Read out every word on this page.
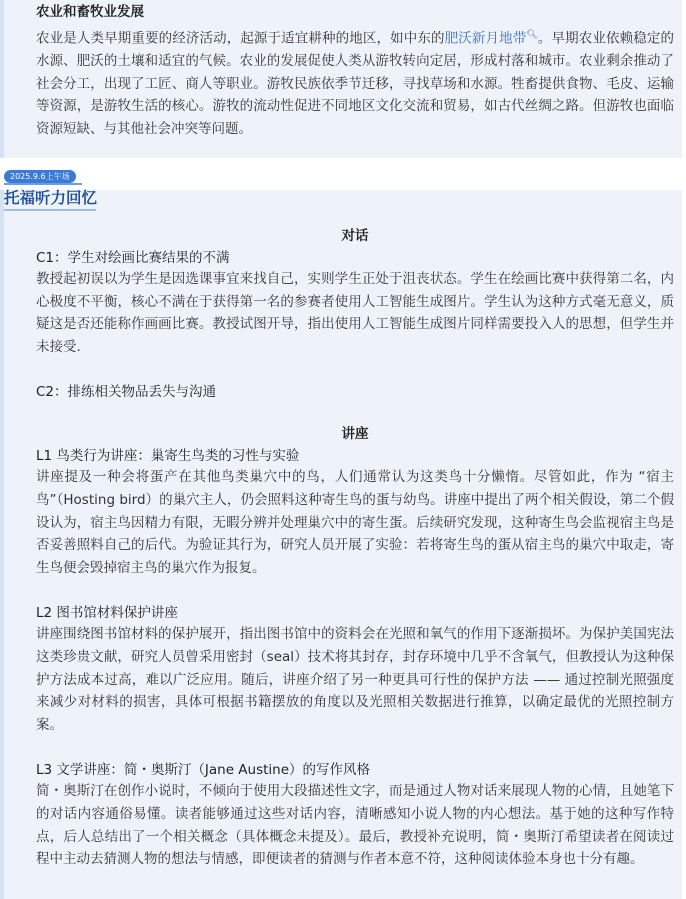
农业和畜牧业发展

农业是人类早期重要的经济活动，起源于适宜耕种的地区，如中东的肥沃新月地带🔍︎。早期农业依赖稳定的水源、肥沃的土壤和适宜的气候。农业的发展促使人类从游牧转向定居，形成村落和城市。农业剩余推动了社会分工，出现了工匠、商人等职业。游牧民族依季节迁移，寻找草场和水源。牲畜提供食物、毛皮、运输等资源，是游牧生活的核心。游牧的流动性促进不同地区文化交流和贸易，如古代丝绸之路。但游牧也面临资源短缺、与其他社会冲突等问题。

对话
C1：学生对绘画比赛结果的不满

教授起初误以为学生是因选课事宜来找自己，实则学生正处于沮丧状态。学生在绘画比赛中获得第二名，内心极度不平衡，核心不满在于获得第一名的参赛者使用人工智能生成图片。学生认为这种方式毫无意义，质疑这是否还能称作画画比赛。教授试图开导，指出使用人工智能生成图片同样需要投入人的思想，但学生并未接受.

C2：排练相关物品丢失与沟通
讲座
L1 鸟类行为讲座：巢寄生鸟类的习性与实验

讲座提及一种会将蛋产在其他鸟类巢穴中的鸟，人们通常认为这类鸟十分懒惰。尽管如此，作为 “宿主鸟”（Hosting bird）的巢穴主人，仍会照料这种寄生鸟的蛋与幼鸟。讲座中提出了两个相关假设，第二个假设认为，宿主鸟因精力有限，无暇分辨并处理巢穴中的寄生蛋。后续研究发现，这种寄生鸟会监视宿主鸟是否妥善照料自己的后代。为验证其行为，研究人员开展了实验：若将寄生鸟的蛋从宿主鸟的巢穴中取走，寄生鸟便会毁掉宿主鸟的巢穴作为报复。

L2 图书馆材料保护讲座

讲座围绕图书馆材料的保护展开，指出图书馆中的资料会在光照和氧气的作用下逐渐损坏。为保护美国宪法这类珍贵文献，研究人员曾采用密封（seal）技术将其封存，封存环境中几乎不含氧气，但教授认为这种保护方法成本过高，难以广泛应用。随后，讲座介绍了另一种更具可行性的保护方法 —— 通过控制光照强度来减少对材料的损害，具体可根据书籍摆放的角度以及光照相关数据进行推算，以确定最优的光照控制方案。

L3 文学讲座：简・奥斯汀（Jane Austine）的写作风格

简・奥斯汀在创作小说时，不倾向于使用大段描述性文字，而是通过人物对话来展现人物的心情，且她笔下的对话内容通俗易懂。读者能够通过这些对话内容，清晰感知小说人物的内心想法。基于她的这种写作特点，后人总结出了一个相关概念（具体概念未提及）。最后，教授补充说明，简・奥斯汀希望读者在阅读过程中主动去猜测人物的想法与情感，即便读者的猜测与作者本意不符，这种阅读体验本身也十分有趣。

2025.9.6上午场
托福听力回忆
